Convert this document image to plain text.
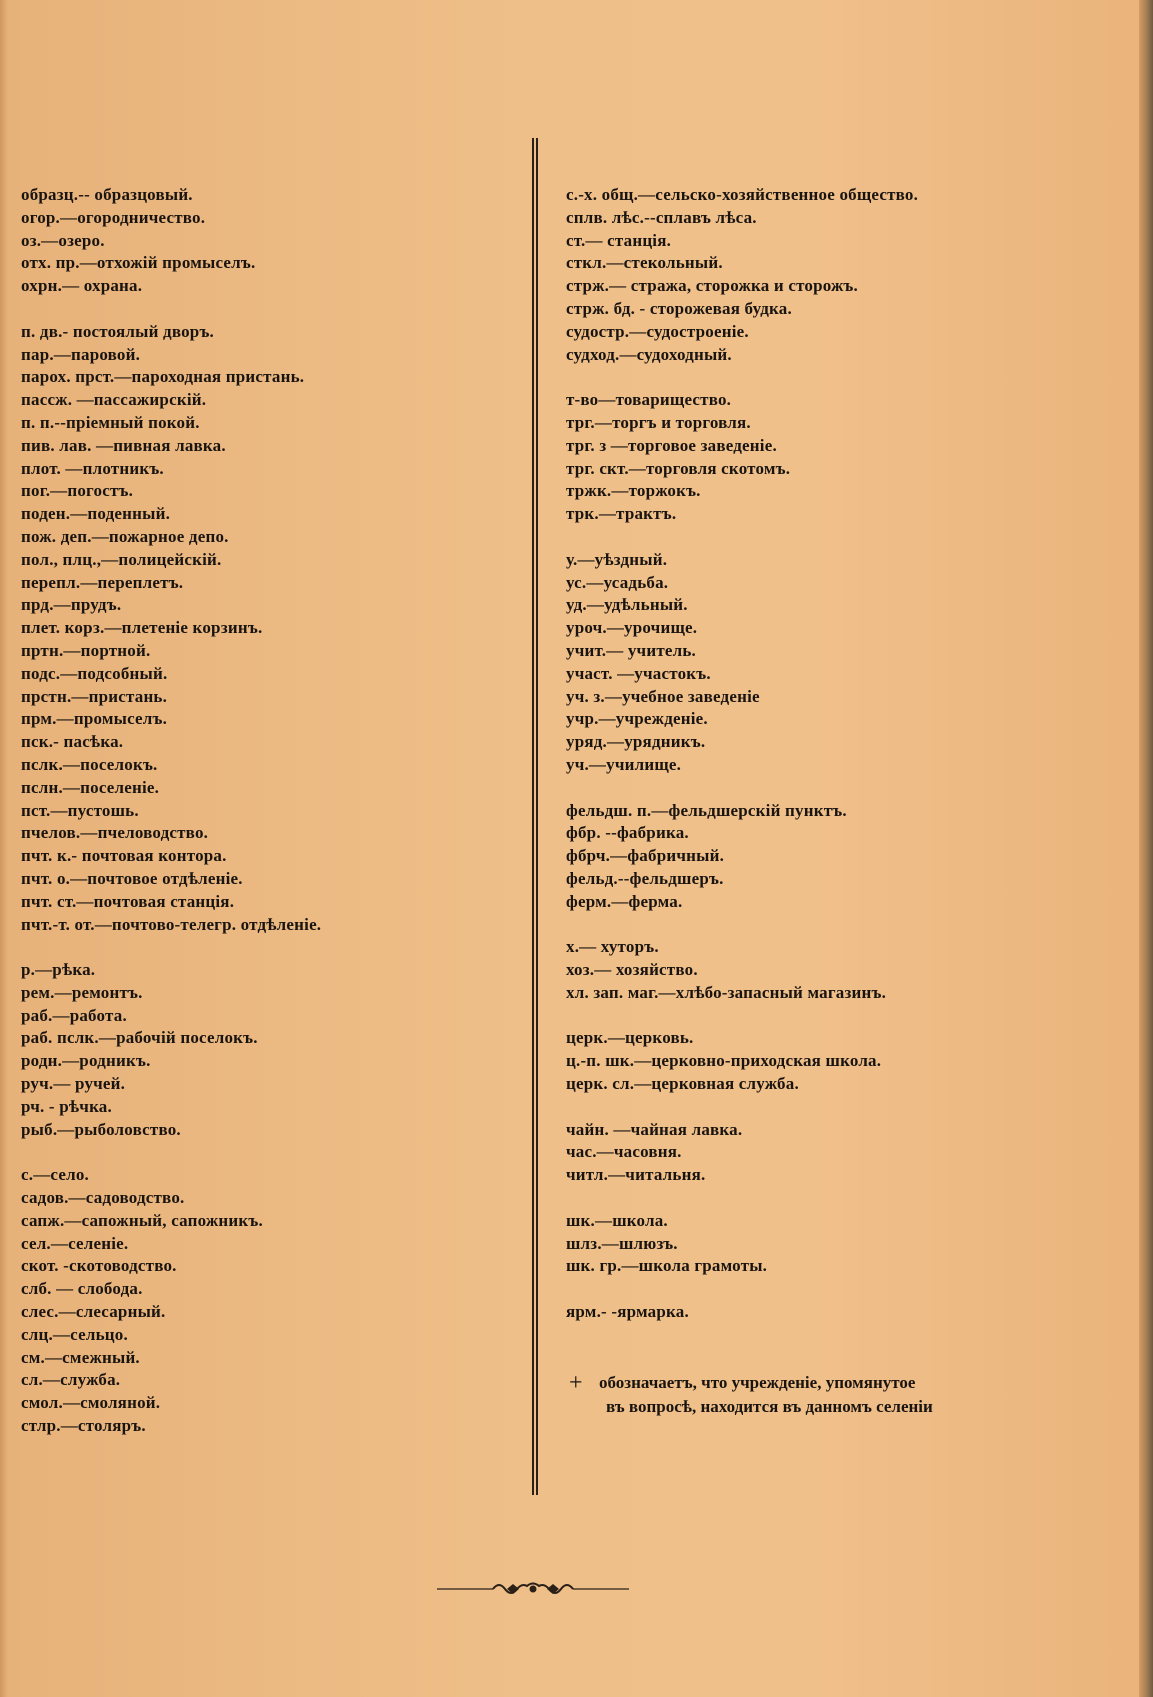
образц.-- образцовый.
огор.—огородничество.
оз.—озеро.
отх. пр.—отхожій промыселъ.
охрн.— охрана.
п. дв.- постоялый дворъ.
пар.—паровой.
парох. прст.—пароходная пристань.
пассж. —пассажирскій.
п. п.--пріемный покой.
пив. лав. —пивная лавка.
плот. —плотникъ.
пог.—погостъ.
поден.—поденный.
пож. деп.—пожарное депо.
пол., плц.,—полицейскій.
перепл.—переплетъ.
прд.—прудъ.
плет. корз.—плетеніе корзинъ.
пртн.—портной.
подс.—подсобный.
пpcтн.—пристань.
прм.—промыселъ.
пск.- пасѣка.
пслк.—поселокъ.
пслн.—поселеніе.
пст.—пустошь.
пчелов.—пчеловодство.
пчт. к.- почтовая контора.
пчт. о.—почтовое отдѣленіе.
пчт. ст.—почтовая станція.
пчт.-т. от.—почтово-телегр. отдѣленіе.
р.—рѣка.
рем.—ремонтъ.
раб.—работа.
раб. пслк.—рабочій поселокъ.
родн.—родникъ.
руч.— ручей.
рч. - рѣчка.
рыб.—рыболовство.
с.—село.
садов.—садоводство.
сапж.—сапожный, сапожникъ.
сел.—селеніе.
скот. -скотоводство.
слб. — слобода.
слес.—слесарный.
слц.—сельцо.
см.—смежный.
сл.—служба.
смол.—смоляной.
стлр.—столяръ.
с.-х. общ.—сельско-хозяйственное общество.
сплв. лѣс.--сплавъ лѣса.
ст.— станція.
сткл.—стекольный.
стрж.— стража, сторожка и сторожъ.
стрж. бд. - сторожевая будка.
судостр.—судостроеніе.
судход.—судоходный.
т-во—товарищество.
трг.—торгъ и торговля.
трг. з —торговое заведеніе.
трг. скт.—торговля скотомъ.
тржк.—торжокъ.
трк.—трактъ.
у.—уѣздный.
ус.—усадьба.
уд.—удѣльный.
уроч.—урочище.
учит.— учитель.
участ. —участокъ.
уч. з.—учебное заведеніе
учр.—учрежденіе.
уряд.—урядникъ.
уч.—училище.
фельдш. п.—фельдшерскій пунктъ.
фбр. --фабрика.
фбрч.—фабричный.
фельд.--фельдшеръ.
ферм.—ферма.
х.— хуторъ.
хоз.— хозяйство.
хл. зап. маг.—хлѣбо-запасный магазинъ.
церк.—церковь.
ц.-п. шк.—церковно-приходская школа.
церк. сл.—церковная служба.
чайн. —чайная лавка.
час.—часовня.
читл.—читальня.
шк.—школа.
шлз.—шлюзъ.
шк. гр.—школа грамоты.
ярм.- -ярмарка.
+ обозначаетъ, что учрежденіе, упомянутое
въ вопросѣ, находится въ данномъ селеніи
